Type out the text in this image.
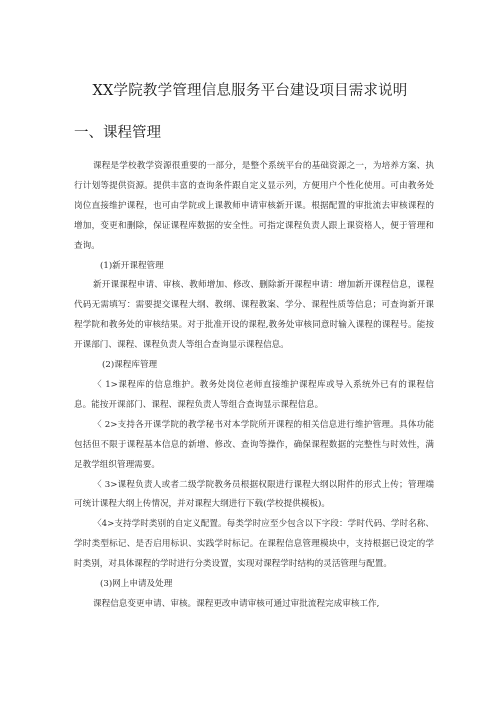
XX学院教学管理信息服务平台建设项目需求说明
一、课程管理

课程是学校教学资源很重要的一部分，是整个系统平台的基础资源之一，为培养方案、执行计划等提供资源。提供丰富的查询条件跟自定义显示列，方便用户个性化使用。可由教务处岗位直接维护课程，也可由学院或上课教师申请审核新开课。根据配置的审批流去审核课程的增加，变更和删除，保证课程库数据的安全性。可指定课程负责人跟上课资格人，便于管理和查询。

(1)新开课程管理

新开课课程申请、审核、教师增加、修改、删除新开课程申请：增加新开课程信息，课程代码无需填写：需要提交课程大纲、教纲、课程教案、学分、课程性质等信息；可查询新开课程学院和教务处的审核结果。对于批准开设的课程,教务处审核同意时输入课程的课程号。能按开课部门、课程、课程负责人等组合查询显示课程信息。

(2)课程库管理

〈 1>课程库的信息维护。教务处岗位老师直接维护课程库或导入系统外已有的课程信息。能按开课部门、课程、课程负责人等组合查询显示课程信息。

〈 2>支持各开课学院的教学秘书对本学院所开课程的相关信息进行维护管理。具体功能包括但不限于课程基本信息的新增、修改、查询等操作，确保课程数据的完整性与时效性，满足教学组织管理需要。

〈 3>课程负责人或者二级学院教务员根据权限进行课程大纲以附件的形式上传；管理端可统计课程大纲上传情况，并对课程大纲进行下载(学校提供模板)。

〈4>支持学时类别的自定义配置。每类学时应至少包含以下字段：学时代码、学时名称、学时类型标记、是否启用标识、实践学时标记。在课程信息管理模块中，支持根据已设定的学时类别，对具体课程的学时进行分类设置，实现对课程学时结构的灵活管理与配置。

(3)网上申请及处理

课程信息变更申请、审核。课程更改申请审核可通过审批流程完成审核工作,
